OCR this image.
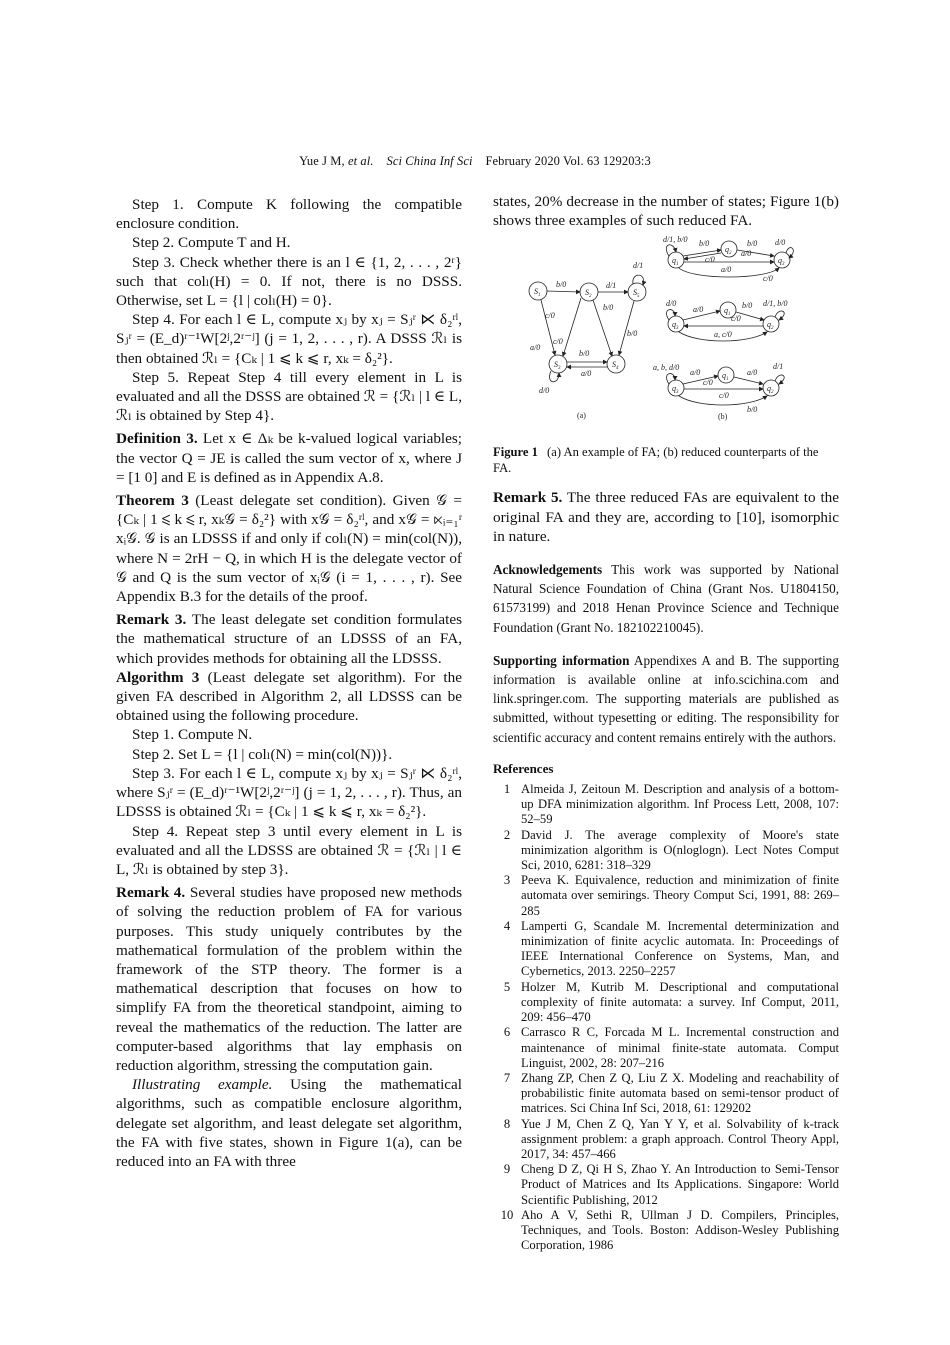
Yue J M, et al. Sci China Inf Sci February 2020 Vol. 63 129203:3

Step 1. Compute K following the compatible enclosure condition.

Step 2. Compute T and H.

Step 3. Check whether there is an l ∈ {1, 2, . . . , 2ʳ} such that colₗ(H) = 0. If not, there is no DSSS. Otherwise, set L = {l | colₗ(H) = 0}.

Step 4. For each l ∈ L, compute xⱼ by xⱼ = Sⱼʳ ⋉ δ₂ʳˡ, Sⱼʳ = (E_d)ʳ⁻¹W[2ʲ,2ʳ⁻ʲ] (j = 1, 2, . . . , r). A DSSS ℛₗ is then obtained ℛₗ = {Cₖ | 1 ⩽ k ⩽ r, xₖ = δ₂²}.

Step 5. Repeat Step 4 till every element in L is evaluated and all the DSSS are obtained ℛ = {ℛₗ | l ∈ L, ℛₗ is obtained by Step 4}.

Definition 3. Let x ∈ Δₖ be k-valued logical variables; the vector Q = JE is called the sum vector of x, where J = [1 0] and E is defined as in Appendix A.8.

Theorem 3 (Least delegate set condition). Given 𝒢 = {Cₖ | 1 ⩽ k ⩽ r, xₖ𝒢 = δ₂²} with x𝒢 = δ₂ʳˡ, and x𝒢 = ⋉ᵢ₌₁ʳ xᵢ𝒢. 𝒢 is an LDSSS if and only if colₗ(N) = min(col(N)), where N = 2rH − Q, in which H is the delegate vector of 𝒢 and Q is the sum vector of xᵢ𝒢 (i = 1, . . . , r). See Appendix B.3 for the details of the proof.

Remark 3. The least delegate set condition formulates the mathematical structure of an LDSSS of an FA, which provides methods for obtaining all the LDSSS.

Algorithm 3 (Least delegate set algorithm). For the given FA described in Algorithm 2, all LDSSS can be obtained using the following procedure.

Step 1. Compute N.

Step 2. Set L = {l | colₗ(N) = min(col(N))}.

Step 3. For each l ∈ L, compute xⱼ by xⱼ = Sⱼʳ ⋉ δ₂ʳˡ, where Sⱼʳ = (E_d)ʳ⁻¹W[2ʲ,2ʳ⁻ʲ] (j = 1, 2, . . . , r). Thus, an LDSSS is obtained ℛₗ = {Cₖ | 1 ⩽ k ⩽ r, xₖ = δ₂²}.

Step 4. Repeat step 3 until every element in L is evaluated and all the LDSSS are obtained ℛ = {ℛₗ | l ∈ L, ℛₗ is obtained by step 3}.

Remark 4. Several studies have proposed new methods of solving the reduction problem of FA for various purposes. This study uniquely contributes by the mathematical formulation of the problem within the framework of the STP theory. The former is a mathematical description that focuses on how to simplify FA from the theoretical standpoint, aiming to reveal the mathematics of the reduction. The latter are computer-based algorithms that lay emphasis on reduction algorithm, stressing the computation gain.

Illustrating example. Using the mathematical algorithms, such as compatible enclosure algorithm, delegate set algorithm, and least delegate set algorithm, the FA with five states, shown in Figure 1(a), can be reduced into an FA with three

states, 20% decrease in the number of states; Figure 1(b) shows three examples of such reduced FA.

$S_1$	$S_2$	$S_5$
$S_3$	$S_4$
b/0	d/1
d/1
b/0
b/0
c/0
c/0
a/0
b/0
a/0
d/0
(a)
$q_1$
$q_2$
$q_3$
d/1, b/0 b/0
c/0
b/0 d/0
a/0
a/0
c/0
$q_3$
$q_1$
$q_2$
d/0
a/0	b/0 d/1, b/0
c/0
a, c/0
$q_3$
$q_1$
$q_2$
a, b, d/0
a/0
c/0
d/1
a/0
c/0
b/0
(b)

Figure 1 (a) An example of FA; (b) reduced counterparts of the FA.

Remark 5. The three reduced FAs are equivalent to the original FA and they are, according to [10], isomorphic in nature.

Acknowledgements This work was supported by National Natural Science Foundation of China (Grant Nos. U1804150, 61573199) and 2018 Henan Province Science and Technique Foundation (Grant No. 182102210045).

Supporting information Appendixes A and B. The supporting information is available online at info.scichina.com and link.springer.com. The supporting materials are published as submitted, without typesetting or editing. The responsibility for scientific accuracy and content remains entirely with the authors.

References

1 Almeida J, Zeitoun M. Description and analysis of a bottom-up DFA minimization algorithm. Inf Process Lett, 2008, 107: 52–59
2 David J. The average complexity of Moore's state minimization algorithm is O(nloglogn). Lect Notes Comput Sci, 2010, 6281: 318–329
3 Peeva K. Equivalence, reduction and minimization of finite automata over semirings. Theory Comput Sci, 1991, 88: 269–285
4 Lamperti G, Scandale M. Incremental determinization and minimization of finite acyclic automata. In: Proceedings of IEEE International Conference on Systems, Man, and Cybernetics, 2013. 2250–2257
5 Holzer M, Kutrib M. Descriptional and computational complexity of finite automata: a survey. Inf Comput, 2011, 209: 456–470
6 Carrasco R C, Forcada M L. Incremental construction and maintenance of minimal finite-state automata. Comput Linguist, 2002, 28: 207–216
7 Zhang ZP, Chen Z Q, Liu Z X. Modeling and reachability of probabilistic finite automata based on semi-tensor product of matrices. Sci China Inf Sci, 2018, 61: 129202
8 Yue J M, Chen Z Q, Yan Y Y, et al. Solvability of k-track assignment problem: a graph approach. Control Theory Appl, 2017, 34: 457–466
9 Cheng D Z, Qi H S, Zhao Y. An Introduction to Semi-Tensor Product of Matrices and Its Applications. Singapore: World Scientific Publishing, 2012
10 Aho A V, Sethi R, Ullman J D. Compilers, Principles, Techniques, and Tools. Boston: Addison-Wesley Publishing Corporation, 1986
